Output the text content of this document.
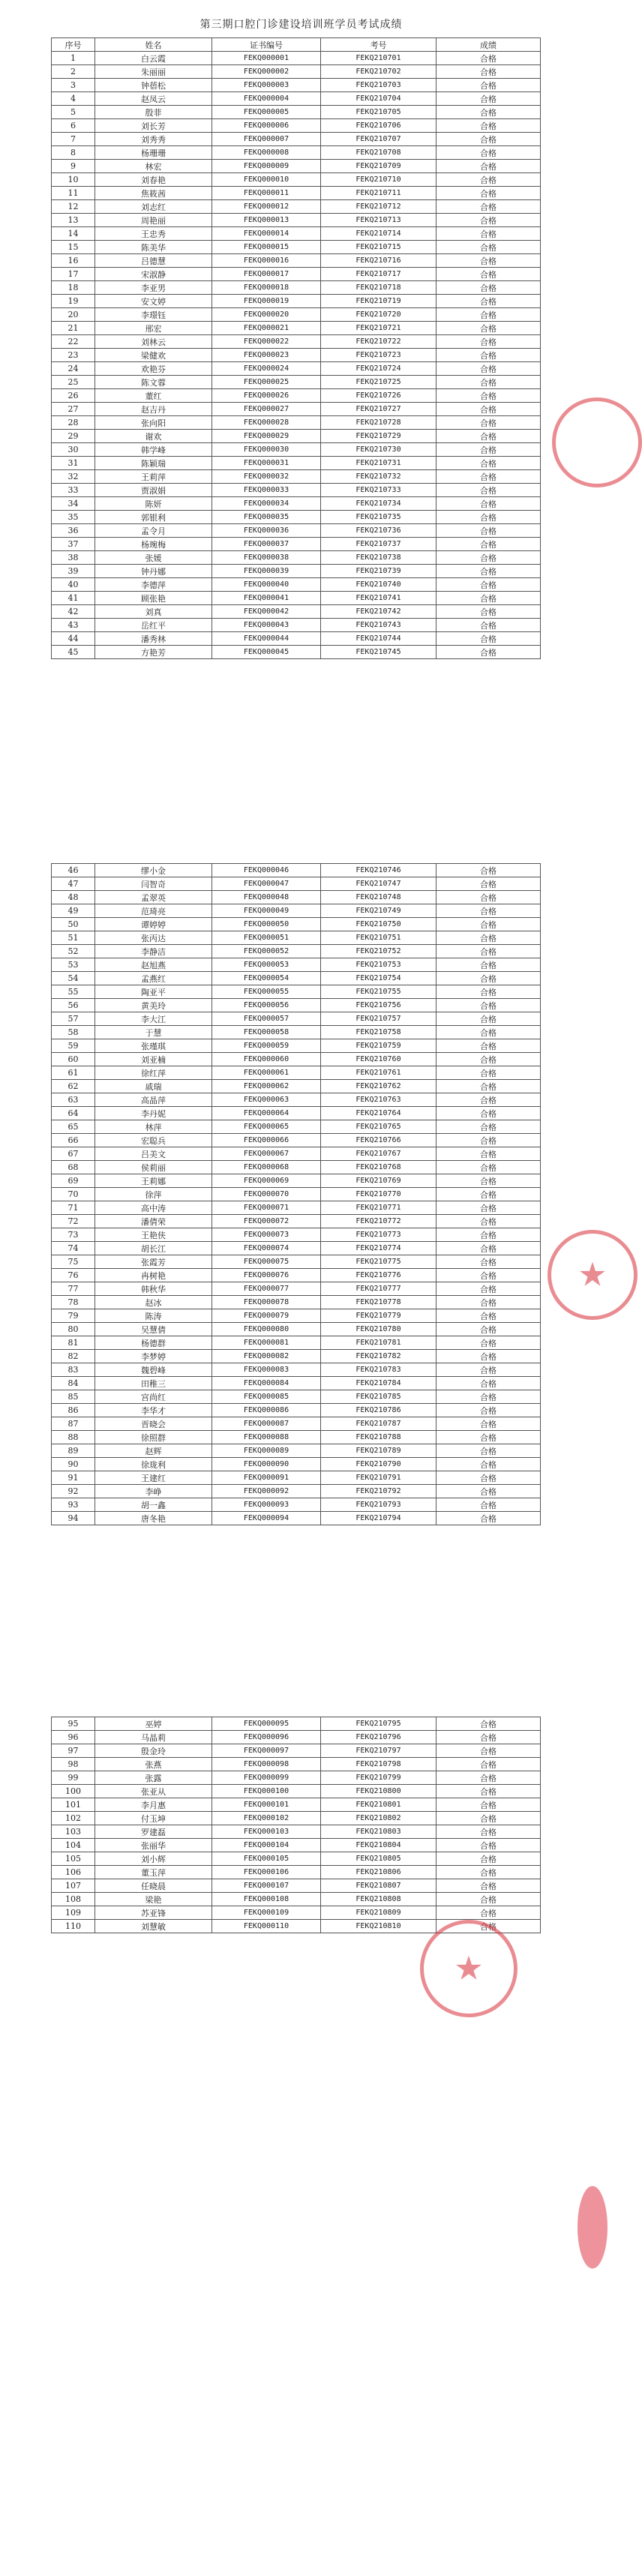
第三期口腔门诊建设培训班学员考试成绩
序号	姓名	证书编号	考号	成绩
1	白云霞	FEKQ000001	FEKQ210701	合格
2	朱丽丽	FEKQ000002	FEKQ210702	合格
3	钟蓓松	FEKQ000003	FEKQ210703	合格
4	赵凤云	FEKQ000004	FEKQ210704	合格
5	殷菲	FEKQ000005	FEKQ210705	合格
6	刘长芳	FEKQ000006	FEKQ210706	合格
7	刘秀秀	FEKQ000007	FEKQ210707	合格
8	杨珊珊	FEKQ000008	FEKQ210708	合格
9	林宏	FEKQ000009	FEKQ210709	合格
10	刘春艳	FEKQ000010	FEKQ210710	合格
11	焦筱茜	FEKQ000011	FEKQ210711	合格
12	刘志红	FEKQ000012	FEKQ210712	合格
13	周艳丽	FEKQ000013	FEKQ210713	合格
14	王忠秀	FEKQ000014	FEKQ210714	合格
15	陈美华	FEKQ000015	FEKQ210715	合格
16	吕德慧	FEKQ000016	FEKQ210716	合格
17	宋淑静	FEKQ000017	FEKQ210717	合格
18	李亚男	FEKQ000018	FEKQ210718	合格
19	安文婷	FEKQ000019	FEKQ210719	合格
20	李璟钰	FEKQ000020	FEKQ210720	合格
21	邢宏	FEKQ000021	FEKQ210721	合格
22	刘林云	FEKQ000022	FEKQ210722	合格
23	梁健欢	FEKQ000023	FEKQ210723	合格
24	欢艳芬	FEKQ000024	FEKQ210724	合格
25	陈文蓉	FEKQ000025	FEKQ210725	合格
26	董红	FEKQ000026	FEKQ210726	合格
27	赵吉丹	FEKQ000027	FEKQ210727	合格
28	张向阳	FEKQ000028	FEKQ210728	合格
29	谢欢	FEKQ000029	FEKQ210729	合格
30	韩学峰	FEKQ000030	FEKQ210730	合格
31	陈颖瑞	FEKQ000031	FEKQ210731	合格
32	王莉萍	FEKQ000032	FEKQ210732	合格
33	贾淑娟	FEKQ000033	FEKQ210733	合格
34	陈妍	FEKQ000034	FEKQ210734	合格
35	郭银利	FEKQ000035	FEKQ210735	合格
36	孟令月	FEKQ000036	FEKQ210736	合格
37	杨琬梅	FEKQ000037	FEKQ210737	合格
38	张媛	FEKQ000038	FEKQ210738	合格
39	钟丹娜	FEKQ000039	FEKQ210739	合格
40	李德萍	FEKQ000040	FEKQ210740	合格
41	顾张艳	FEKQ000041	FEKQ210741	合格
42	刘真	FEKQ000042	FEKQ210742	合格
43	岳红平	FEKQ000043	FEKQ210743	合格
44	潘秀林	FEKQ000044	FEKQ210744	合格
45	方艳芳	FEKQ000045	FEKQ210745	合格
46	缪小金	FEKQ000046	FEKQ210746	合格
47	闫智奇	FEKQ000047	FEKQ210747	合格
48	孟翠英	FEKQ000048	FEKQ210748	合格
49	范琦亮	FEKQ000049	FEKQ210749	合格
50	谭婷婷	FEKQ000050	FEKQ210750	合格
51	张丙达	FEKQ000051	FEKQ210751	合格
52	李静洁	FEKQ000052	FEKQ210752	合格
53	赵旭燕	FEKQ000053	FEKQ210753	合格
54	孟燕红	FEKQ000054	FEKQ210754	合格
55	陶亚平	FEKQ000055	FEKQ210755	合格
56	黄美玲	FEKQ000056	FEKQ210756	合格
57	李大江	FEKQ000057	FEKQ210757	合格
58	于慧	FEKQ000058	FEKQ210758	合格
59	张瑾琪	FEKQ000059	FEKQ210759	合格
60	刘亚楠	FEKQ000060	FEKQ210760	合格
61	徐红萍	FEKQ000061	FEKQ210761	合格
62	戚瑞	FEKQ000062	FEKQ210762	合格
63	高晶萍	FEKQ000063	FEKQ210763	合格
64	李丹妮	FEKQ000064	FEKQ210764	合格
65	林萍	FEKQ000065	FEKQ210765	合格
66	宏聪兵	FEKQ000066	FEKQ210766	合格
67	吕美文	FEKQ000067	FEKQ210767	合格
68	侯莉丽	FEKQ000068	FEKQ210768	合格
69	王莉娜	FEKQ000069	FEKQ210769	合格
70	徐萍	FEKQ000070	FEKQ210770	合格
71	高中涛	FEKQ000071	FEKQ210771	合格
72	潘倩荣	FEKQ000072	FEKQ210772	合格
73	王艳侠	FEKQ000073	FEKQ210773	合格
74	胡长江	FEKQ000074	FEKQ210774	合格
75	张霞芳	FEKQ000075	FEKQ210775	合格
76	冉树艳	FEKQ000076	FEKQ210776	合格
77	韩秋华	FEKQ000077	FEKQ210777	合格
78	赵冰	FEKQ000078	FEKQ210778	合格
79	陈涛	FEKQ000079	FEKQ210779	合格
80	吴慧倩	FEKQ000080	FEKQ210780	合格
81	杨德群	FEKQ000081	FEKQ210781	合格
82	李梦婷	FEKQ000082	FEKQ210782	合格
83	魏碧峰	FEKQ000083	FEKQ210783	合格
84	田稚三	FEKQ000084	FEKQ210784	合格
85	宫尚红	FEKQ000085	FEKQ210785	合格
86	李华才	FEKQ000086	FEKQ210786	合格
87	晋晓会	FEKQ000087	FEKQ210787	合格
88	徐照群	FEKQ000088	FEKQ210788	合格
89	赵辉	FEKQ000089	FEKQ210789	合格
90	徐珑利	FEKQ000090	FEKQ210790	合格
91	王建红	FEKQ000091	FEKQ210791	合格
92	李峥	FEKQ000092	FEKQ210792	合格
93	胡一鑫	FEKQ000093	FEKQ210793	合格
94	唐冬艳	FEKQ000094	FEKQ210794	合格
95	巫婷	FEKQ000095	FEKQ210795	合格
96	马晶莉	FEKQ000096	FEKQ210796	合格
97	殷金玲	FEKQ000097	FEKQ210797	合格
98	张燕	FEKQ000098	FEKQ210798	合格
99	张露	FEKQ000099	FEKQ210799	合格
100	张亚从	FEKQ000100	FEKQ210800	合格
101	李月惠	FEKQ000101	FEKQ210801	合格
102	付玉坤	FEKQ000102	FEKQ210802	合格
103	罗建磊	FEKQ000103	FEKQ210803	合格
104	张丽华	FEKQ000104	FEKQ210804	合格
105	刘小辉	FEKQ000105	FEKQ210805	合格
106	董玉萍	FEKQ000106	FEKQ210806	合格
107	任晓晨	FEKQ000107	FEKQ210807	合格
108	梁艳	FEKQ000108	FEKQ210808	合格
109	苏亚锋	FEKQ000109	FEKQ210809	合格
110	刘慧敏	FEKQ000110	FEKQ210810	合格
★
★
